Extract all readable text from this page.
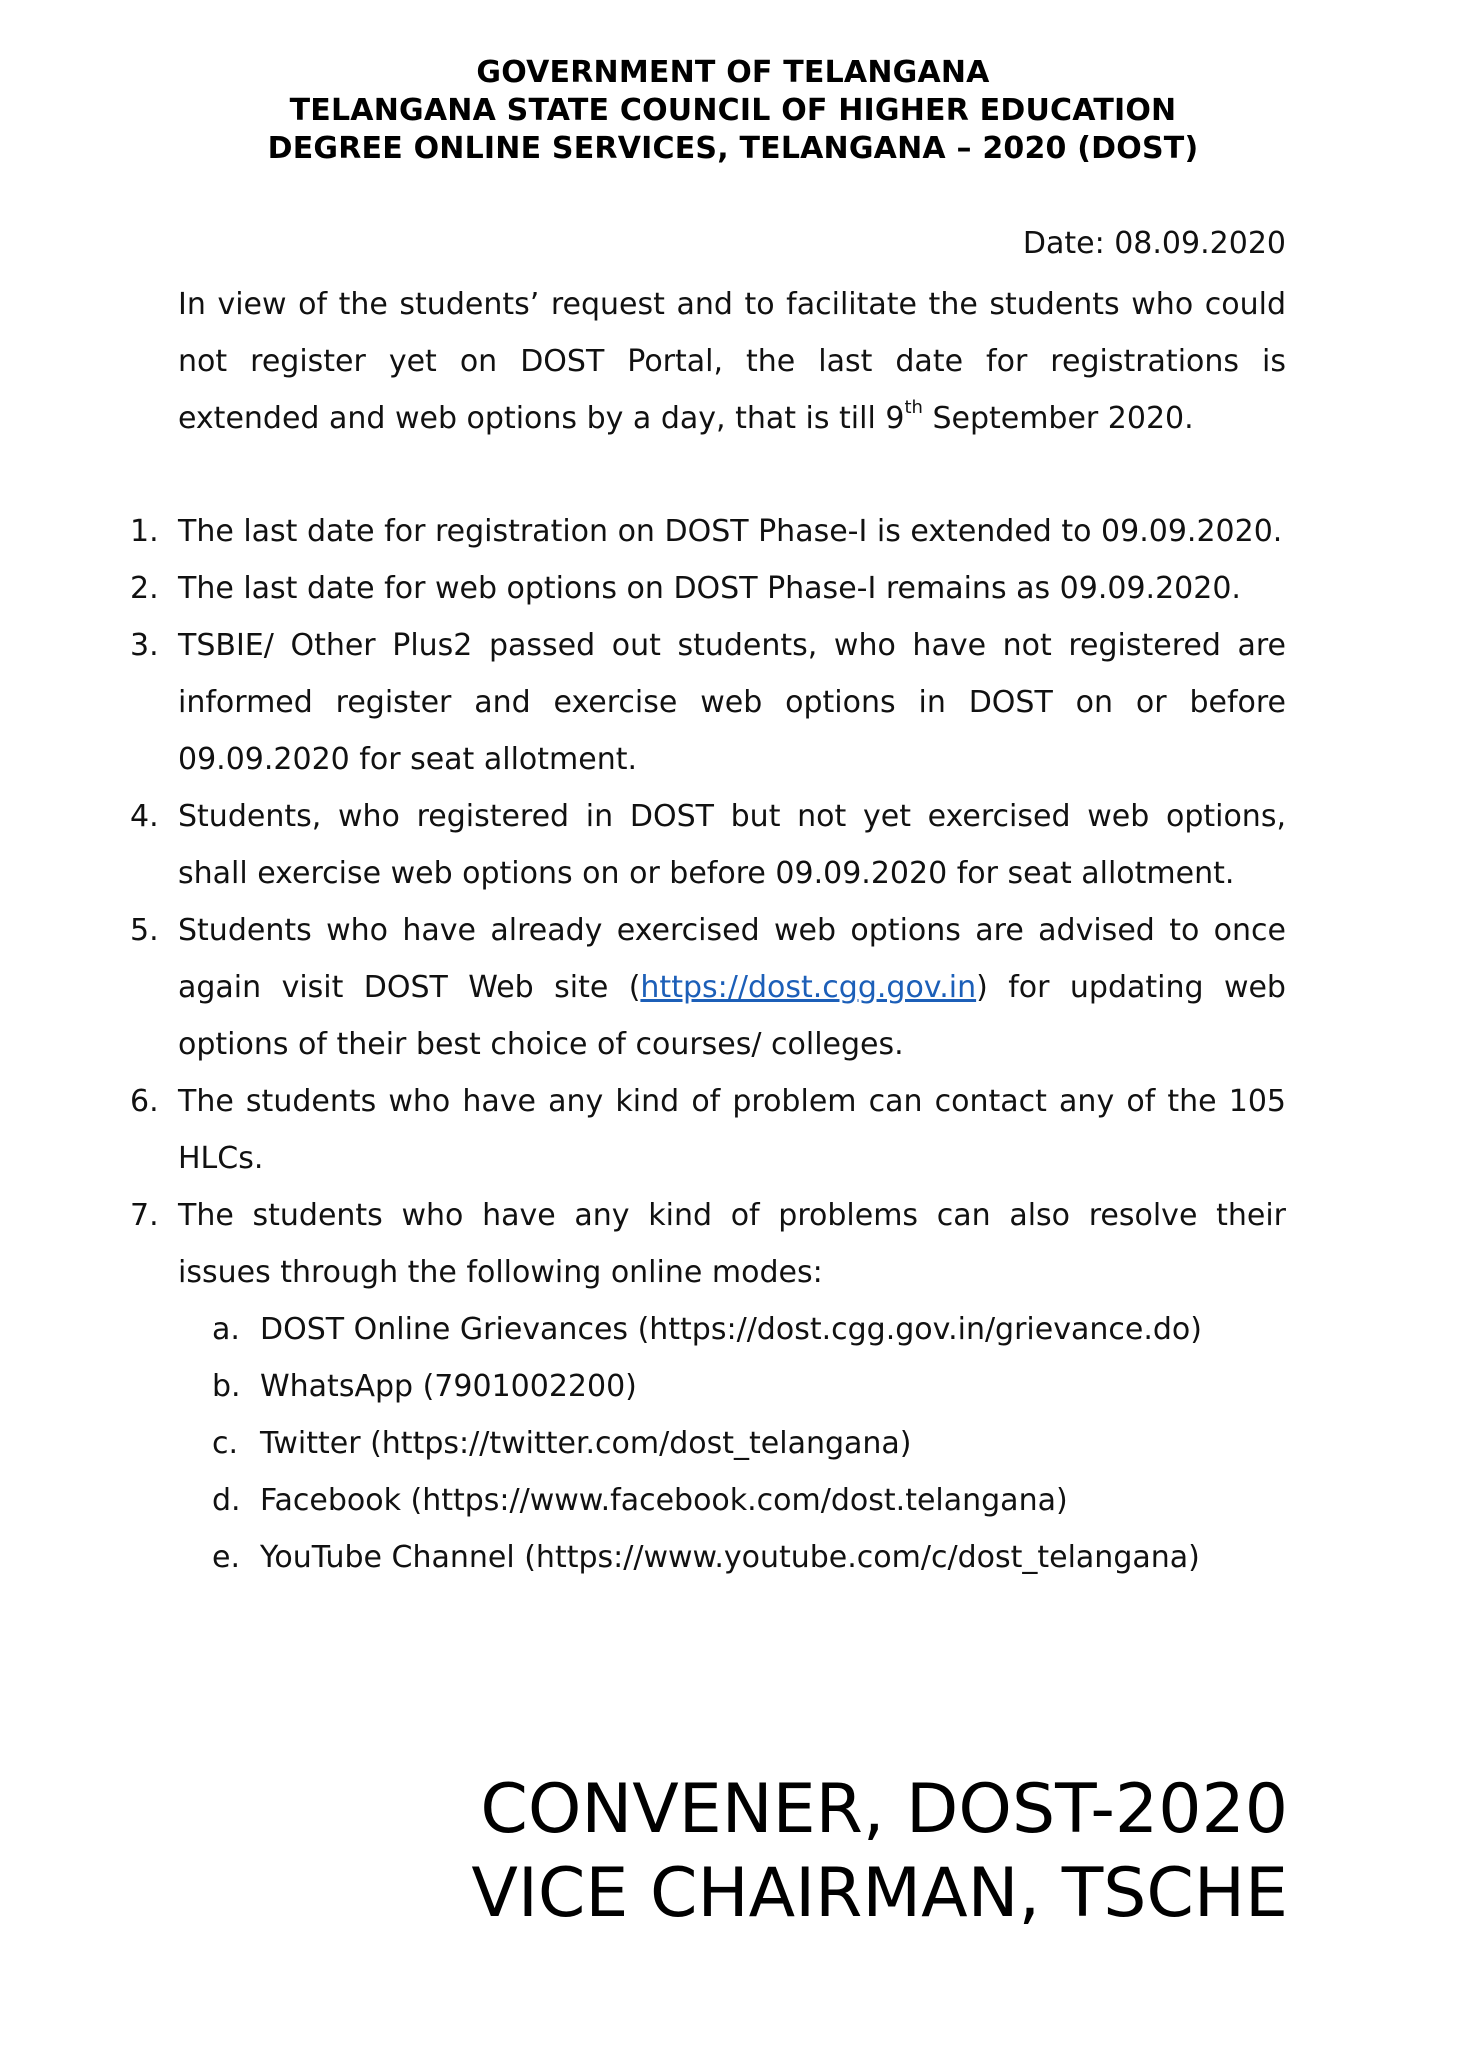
GOVERNMENT OF TELANGANA
TELANGANA STATE COUNCIL OF HIGHER EDUCATION
DEGREE ONLINE SERVICES, TELANGANA – 2020 (DOST)
Date: 08.09.2020
In view of the students’ request and to facilitate the students who could not register yet on DOST Portal, the last date for registrations is extended and web options by a day, that is till 9th September 2020.
1. The last date for registration on DOST Phase-I is extended to 09.09.2020.
2. The last date for web options on DOST Phase-I remains as 09.09.2020.
3. TSBIE/ Other Plus2 passed out students, who have not registered are informed register and exercise web options in DOST on or before 09.09.2020 for seat allotment.
4. Students, who registered in DOST but not yet exercised web options, shall exercise web options on or before 09.09.2020 for seat allotment.
5. Students who have already exercised web options are advised to once again visit DOST Web site (https://dost.cgg.gov.in) for updating web options of their best choice of courses/ colleges.
6. The students who have any kind of problem can contact any of the 105 HLCs.
7. The students who have any kind of problems can also resolve their issues through the following online modes:
a. DOST Online Grievances (https://dost.cgg.gov.in/grievance.do)
b. WhatsApp (7901002200)
c. Twitter (https://twitter.com/dost_telangana)
d. Facebook (https://www.facebook.com/dost.telangana)
e. YouTube Channel (https://www.youtube.com/c/dost_telangana)
CONVENER, DOST-2020
VICE CHAIRMAN, TSCHE
